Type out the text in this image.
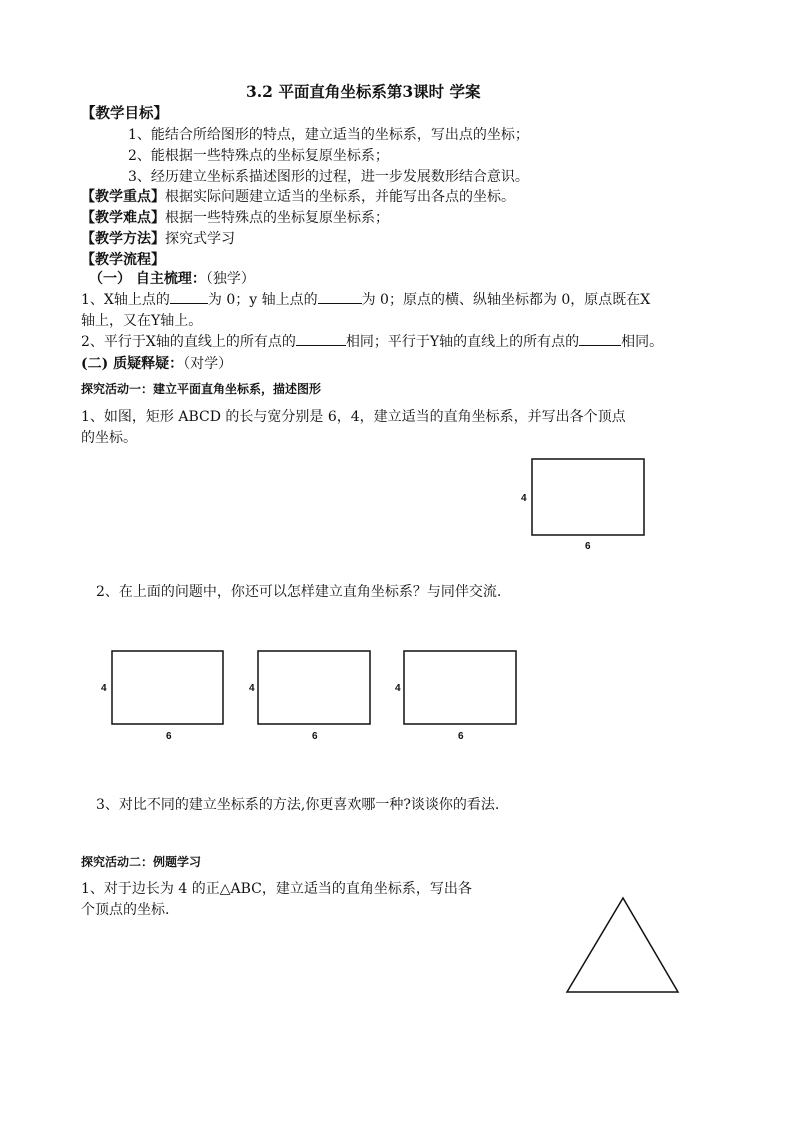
3.2 平面直角坐标系第3课时 学案
【教学目标】
1、能结合所给图形的特点，建立适当的坐标系，写出点的坐标；
2、能根据一些特殊点的坐标复原坐标系；
3、经历建立坐标系描述图形的过程，进一步发展数形结合意识。
【教学重点】根据实际问题建立适当的坐标系，并能写出各点的坐标。
【教学难点】根据一些特殊点的坐标复原坐标系；
【教学方法】探究式学习
【教学流程】
（一） 自主梳理：（独学）
1、X轴上点的	为 0；y 轴上点的	为 0；原点的横、纵轴坐标都为 0，原点既在X
轴上，又在Y轴上。
2、平行于X轴的直线上的所有点的	相同；平行于Y轴的直线上的所有点的	相同。
(二) 质疑释疑：（对学）
探究活动一：建立平面直角坐标系，描述图形
1、如图，矩形 ABCD 的长与宽分别是 6，4，建立适当的直角坐标系，并写出各个顶点
的坐标。
4
6
2、在上面的问题中，你还可以怎样建立直角坐标系？与同伴交流.
4
6
4
6
4
6
3、对比不同的建立坐标系的方法,你更喜欢哪一种?谈谈你的看法.
探究活动二：例题学习
1、对于边长为 4 的正△ABC，建立适当的直角坐标系，写出各
个顶点的坐标.
